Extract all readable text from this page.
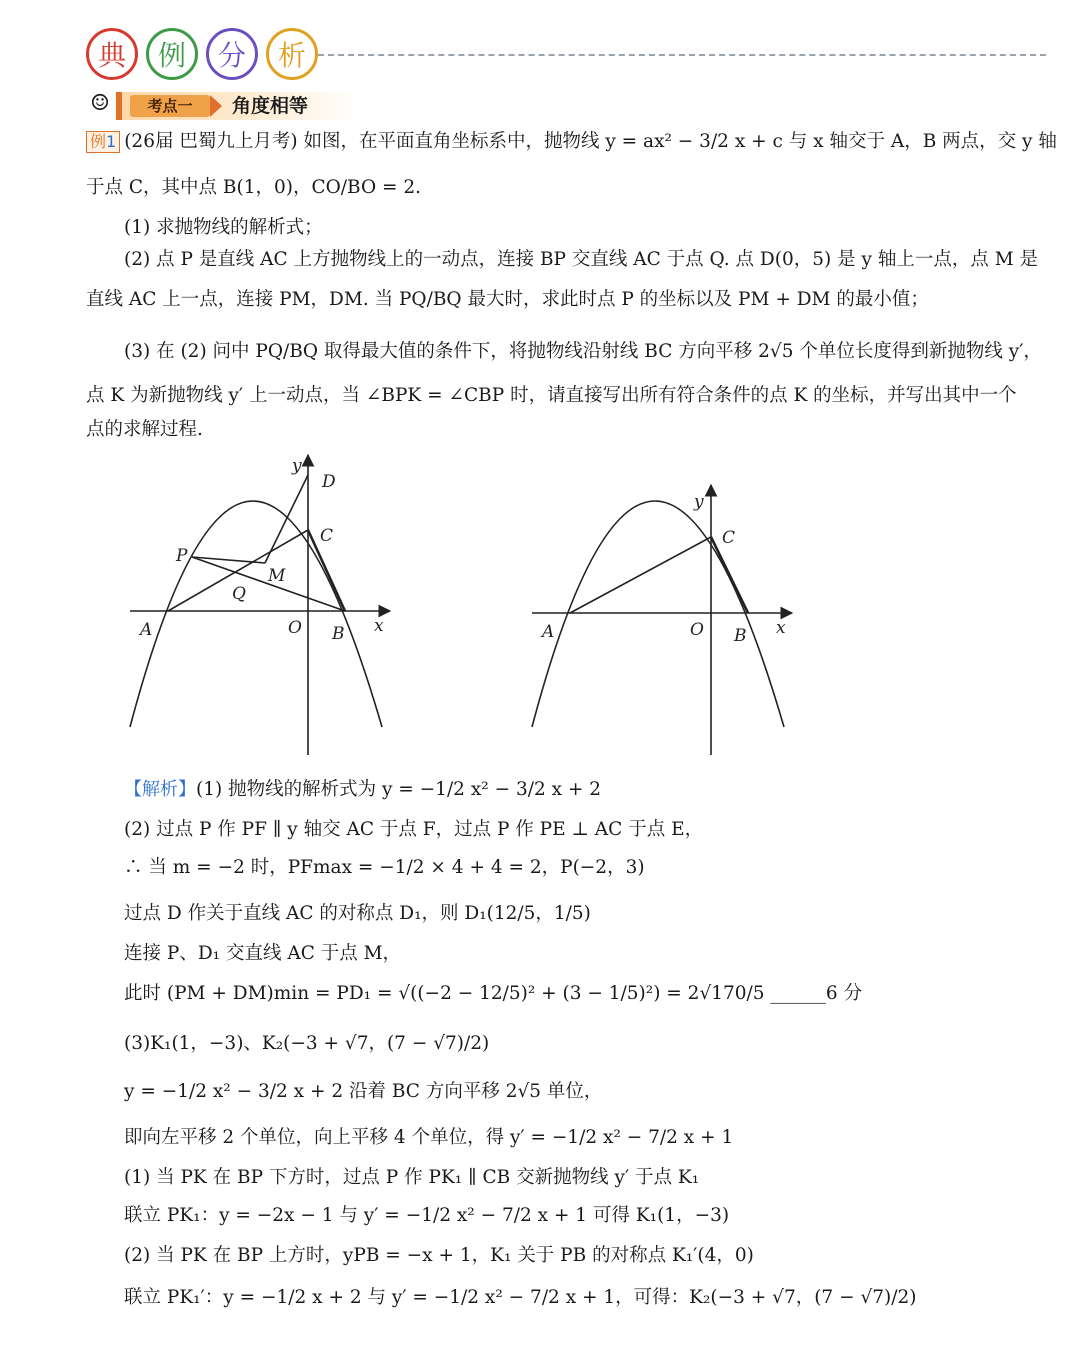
典 例 分 析
☺	考点一	角度相等
例1 (26届 巴蜀九上月考) 如图，在平面直角坐标系中，抛物线 y = ax² − 3/2 x + c 与 x 轴交于 A，B 两点，交 y 轴
于点 C，其中点 B(1，0)，CO/BO = 2.
(1) 求抛物线的解析式；
(2) 点 P 是直线 AC 上方抛物线上的一动点，连接 BP 交直线 AC 于点 Q. 点 D(0，5) 是 y 轴上一点，点 M 是
直线 AC 上一点，连接 PM，DM. 当 PQ/BQ 最大时，求此时点 P 的坐标以及 PM + DM 的最小值；
(3) 在 (2) 问中 PQ/BQ 取得最大值的条件下，将抛物线沿射线 BC 方向平移 2√5 个单位长度得到新抛物线 y′，
点 K 为新抛物线 y′ 上一动点，当 ∠BPK = ∠CBP 时，请直接写出所有符合条件的点 K 的坐标，并写出其中一个
点的求解过程.
y
D
C
P
M
Q
A	O B x
y
C
A	O B x
【解析】(1) 抛物线的解析式为 y = −1/2 x² − 3/2 x + 2
(2) 过点 P 作 PF ∥ y 轴交 AC 于点 F，过点 P 作 PE ⊥ AC 于点 E，
∴ 当 m = −2 时，PFmax = −1/2 × 4 + 4 = 2，P(−2，3)
过点 D 作关于直线 AC 的对称点 D₁，则 D₁(12/5，1/5)
连接 P、D₁ 交直线 AC 于点 M，
此时 (PM + DM)min = PD₁ = √((−2 − 12/5)² + (3 − 1/5)²) = 2√170/5 ______6 分
(3)K₁(1，−3)、K₂(−3 + √7，(7 − √7)/2)
y = −1/2 x² − 3/2 x + 2 沿着 BC 方向平移 2√5 单位，
即向左平移 2 个单位，向上平移 4 个单位，得 y′ = −1/2 x² − 7/2 x + 1
(1) 当 PK 在 BP 下方时，过点 P 作 PK₁ ∥ CB 交新抛物线 y′ 于点 K₁
联立 PK₁：y = −2x − 1 与 y′ = −1/2 x² − 7/2 x + 1 可得 K₁(1，−3)
(2) 当 PK 在 BP 上方时，yPB = −x + 1，K₁ 关于 PB 的对称点 K₁′(4，0)
联立 PK₁′：y = −1/2 x + 2 与 y′ = −1/2 x² − 7/2 x + 1，可得：K₂(−3 + √7，(7 − √7)/2)
